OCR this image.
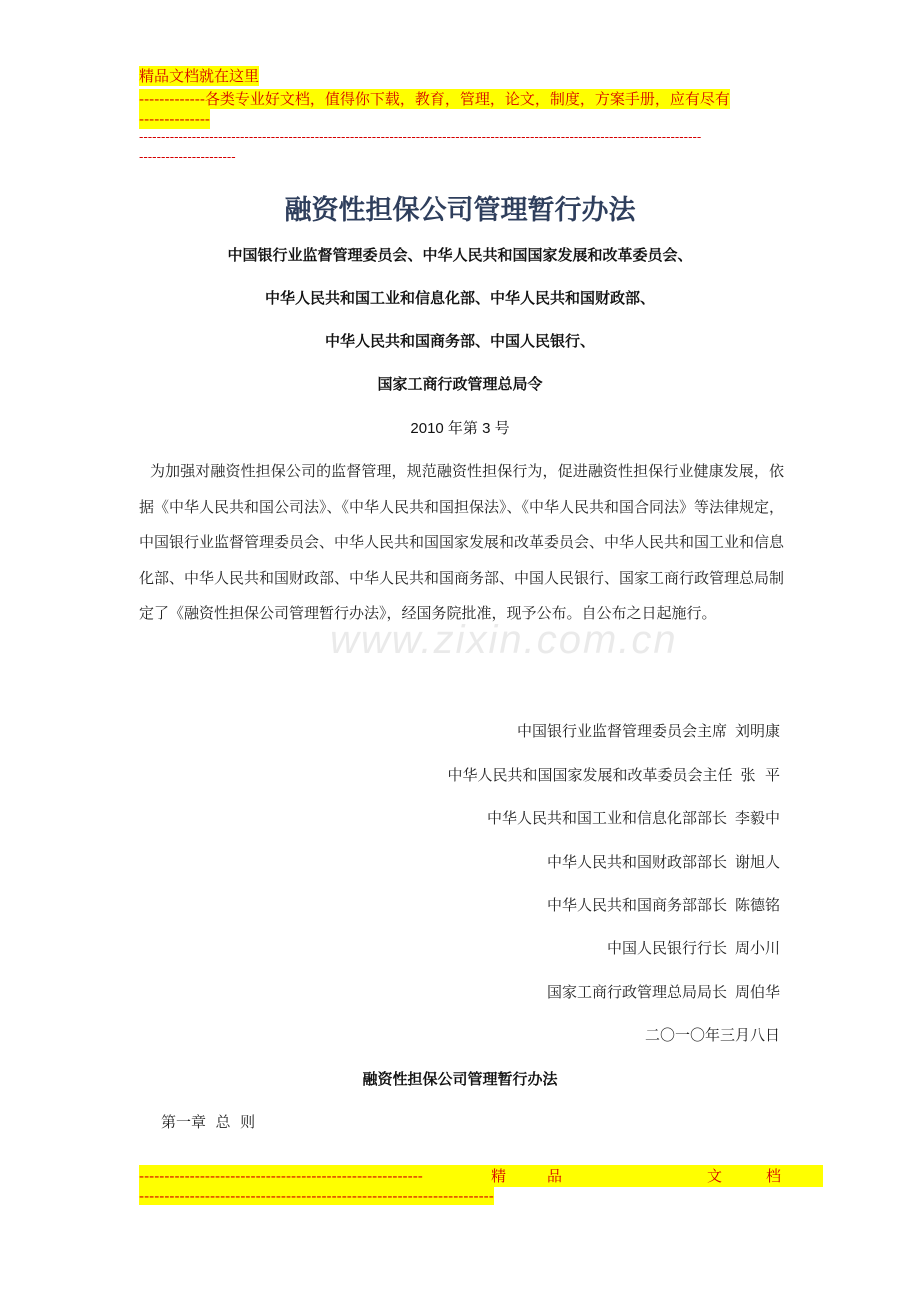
精品文档就在这里
-------------各类专业好文档，值得你下载，教育，管理，论文，制度，方案手册，应有尽有
--------------
--------------------------------------------------------------------------------------------------------------------------------
----------------------
www.zixin.com.cn
融资性担保公司管理暂行办法
中国银行业监督管理委员会、中华人民共和国国家发展和改革委员会、
中华人民共和国工业和信息化部、中华人民共和国财政部、
中华人民共和国商务部、中国人民银行、
国家工商行政管理总局令
2010 年第 3 号
为加强对融资性担保公司的监督管理，规范融资性担保行为，促进融资性担保行业健康发展，依据《中华人民共和国公司法》、《中华人民共和国担保法》、《中华人民共和国合同法》等法律规定，中国银行业监督管理委员会、中华人民共和国国家发展和改革委员会、中华人民共和国工业和信息化部、中华人民共和国财政部、中华人民共和国商务部、中国人民银行、国家工商行政管理总局制定了《融资性担保公司管理暂行办法》，经国务院批准，现予公布。自公布之日起施行。
中国银行业监督管理委员会主席 刘明康
中华人民共和国国家发展和改革委员会主任 张  平
中华人民共和国工业和信息化部部长 李毅中
中华人民共和国财政部部长 谢旭人
中华人民共和国商务部部长 陈德铭
中国人民银行行长 周小川
国家工商行政管理总局局长 周伯华
二〇一〇年三月八日
融资性担保公司管理暂行办法
第一章  总  则
--------------------------------------------------------	精	品	文	档
----------------------------------------------------------------------
